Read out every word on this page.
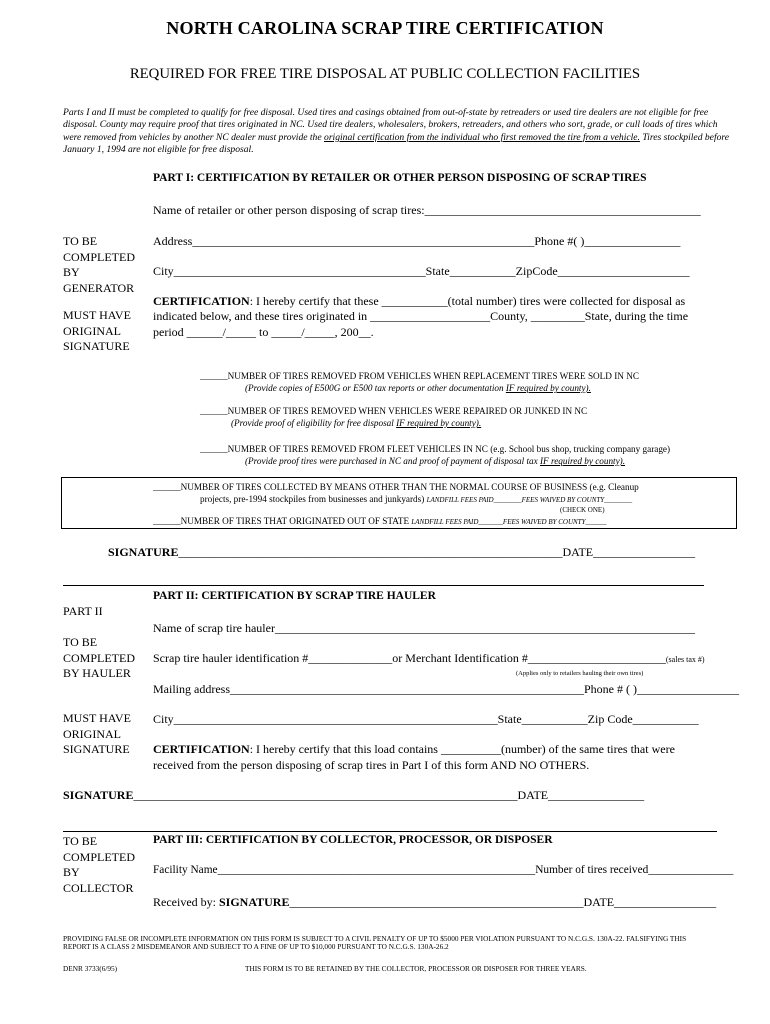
NORTH CAROLINA SCRAP TIRE CERTIFICATION
REQUIRED FOR FREE TIRE DISPOSAL AT PUBLIC COLLECTION FACILITIES
Parts I and II must be completed to qualify for free disposal. Used tires and casings obtained from out-of-state by retreaders or used tire dealers are not eligible for free disposal. County may require proof that tires originated in NC. Used tire dealers, wholesalers, brokers, retreaders, and others who sort, grade, or cull loads of tires which were removed from vehicles by another NC dealer must provide the original certification from the individual who first removed the tire from a vehicle. Tires stockpiled before January 1, 1994 are not eligible for free disposal.
PART I: CERTIFICATION BY RETAILER OR OTHER PERSON DISPOSING OF SCRAP TIRES
TO BE COMPLETED BY GENERATOR
MUST HAVE ORIGINAL SIGNATURE
Name of retailer or other person disposing of scrap tires:______________________________________________
Address_________________________________________________________Phone #( )________________
City__________________________________________State___________ZipCode______________________
CERTIFICATION: I hereby certify that these ___________(total number) tires were collected for disposal as
indicated below, and these tires originated in ____________________County, _________State, during the time
period ______/_____ to _____/_____, 200__.
______NUMBER OF TIRES REMOVED FROM VEHICLES WHEN REPLACEMENT TIRES WERE SOLD IN NC
(Provide copies of E500G or E500 tax reports or other documentation IF required by county).
______NUMBER OF TIRES REMOVED WHEN VEHICLES WERE REPAIRED OR JUNKED IN NC
(Provide proof of eligibility for free disposal IF required by county).
______NUMBER OF TIRES REMOVED FROM FLEET VEHICLES IN NC (e.g. School bus shop, trucking company garage)
(Provide proof tires were purchased in NC and proof of payment of disposal tax IF required by county).
______NUMBER OF TIRES COLLECTED BY MEANS OTHER THAN THE NORMAL COURSE OF BUSINESS (e.g. Cleanup
projects, pre-1994 stockpiles from businesses and junkyards) LANDFILL FEES PAID________FEES WAIVED BY COUNTY________
(CHECK ONE)
______NUMBER OF TIRES THAT ORIGINATED OUT OF STATE LANDFILL FEES PAID_______FEES WAIVED BY COUNTY______
SIGNATURE________________________________________________________________DATE_________________
PART II: CERTIFICATION BY SCRAP TIRE HAULER
PART II
TO BE COMPLETED BY HAULER
MUST HAVE ORIGINAL SIGNATURE
Name of scrap tire hauler______________________________________________________________________
Scrap tire hauler identification #______________or Merchant Identification #_______________________(sales tax #)
(Applies only to retailers hauling their own tires)
Mailing address___________________________________________________________Phone # ( )_________________
City______________________________________________________State___________Zip Code___________
CERTIFICATION: I hereby certify that this load contains __________(number) of the same tires that were
received from the person disposing of scrap tires in Part I of this form AND NO OTHERS.
SIGNATURE________________________________________________________________DATE________________
PART III: CERTIFICATION BY COLLECTOR, PROCESSOR, OR DISPOSER
TO BE COMPLETED BY COLLECTOR
Facility Name________________________________________________________Number of tires received_______________
Received by: SIGNATURE_________________________________________________DATE_________________
PROVIDING FALSE OR INCOMPLETE INFORMATION ON THIS FORM IS SUBJECT TO A CIVIL PENALTY OF UP TO $5000 PER VIOLATION PURSUANT TO N.C.G.S. 130A-22. FALSIFYING THIS
REPORT IS A CLASS 2 MISDEMEANOR AND SUBJECT TO A FINE OF UP TO $10,000 PURSUANT TO N.C.G.S. 130A-26.2
DENR 3733(6/95)	THIS FORM IS TO BE RETAINED BY THE COLLECTOR, PROCESSOR OR DISPOSER FOR THREE YEARS.
